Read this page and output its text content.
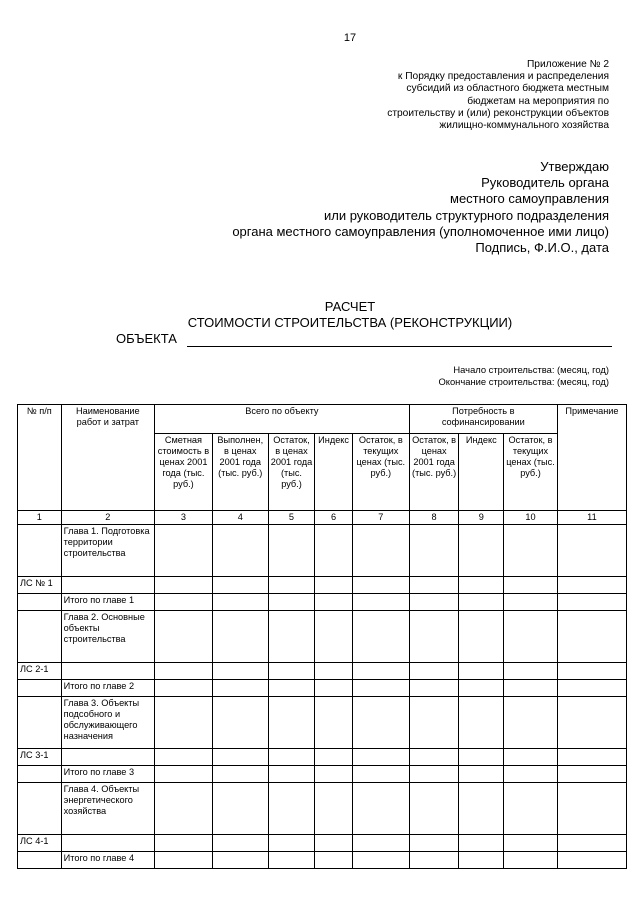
17
Приложение № 2
к Порядку предоставления и распределения
субсидий из областного бюджета местным
бюджетам на мероприятия по
строительству и (или) реконструкции объектов
жилищно-коммунального хозяйства
Утверждаю
Руководитель органа
местного самоуправления
или руководитель структурного подразделения
органа местного самоуправления (уполномоченное ими лицо)
Подпись, Ф.И.О., дата
РАСЧЕТ
СТОИМОСТИ СТРОИТЕЛЬСТВА (РЕКОНСТРУКЦИИ)
ОБЪЕКТА
Начало строительства: (месяц, год)
Окончание строительства: (месяц, год)
№ п/п	Наименование работ и затрат	Всего по объекту					Потребность в софинансировании			Примечание
		Сметная стоимость в ценах 2001 года (тыс. руб.)	Выполнен, в ценах 2001 года (тыс. руб.)	Остаток, в ценах 2001 года (тыс. руб.)	Индекс	Остаток, в текущих ценах (тыс. руб.)	Остаток, в ценах 2001 года (тыс. руб.)	Индекс	Остаток, в текущих ценах (тыс. руб.)	
1	2	3	4	5	6	7	8	9	10	11
	Глава 1. Подготовка территории строительства									
ЛС № 1										
	Итого по главе 1									
	Глава 2. Основные объекты строительства									
ЛС 2-1										
	Итого по главе 2									
	Глава 3. Объекты подсобного и обслуживающего назначения									
ЛС 3-1										
	Итого по главе 3									
	Глава 4. Объекты энергетического хозяйства									
ЛС 4-1										
	Итого по главе 4									
